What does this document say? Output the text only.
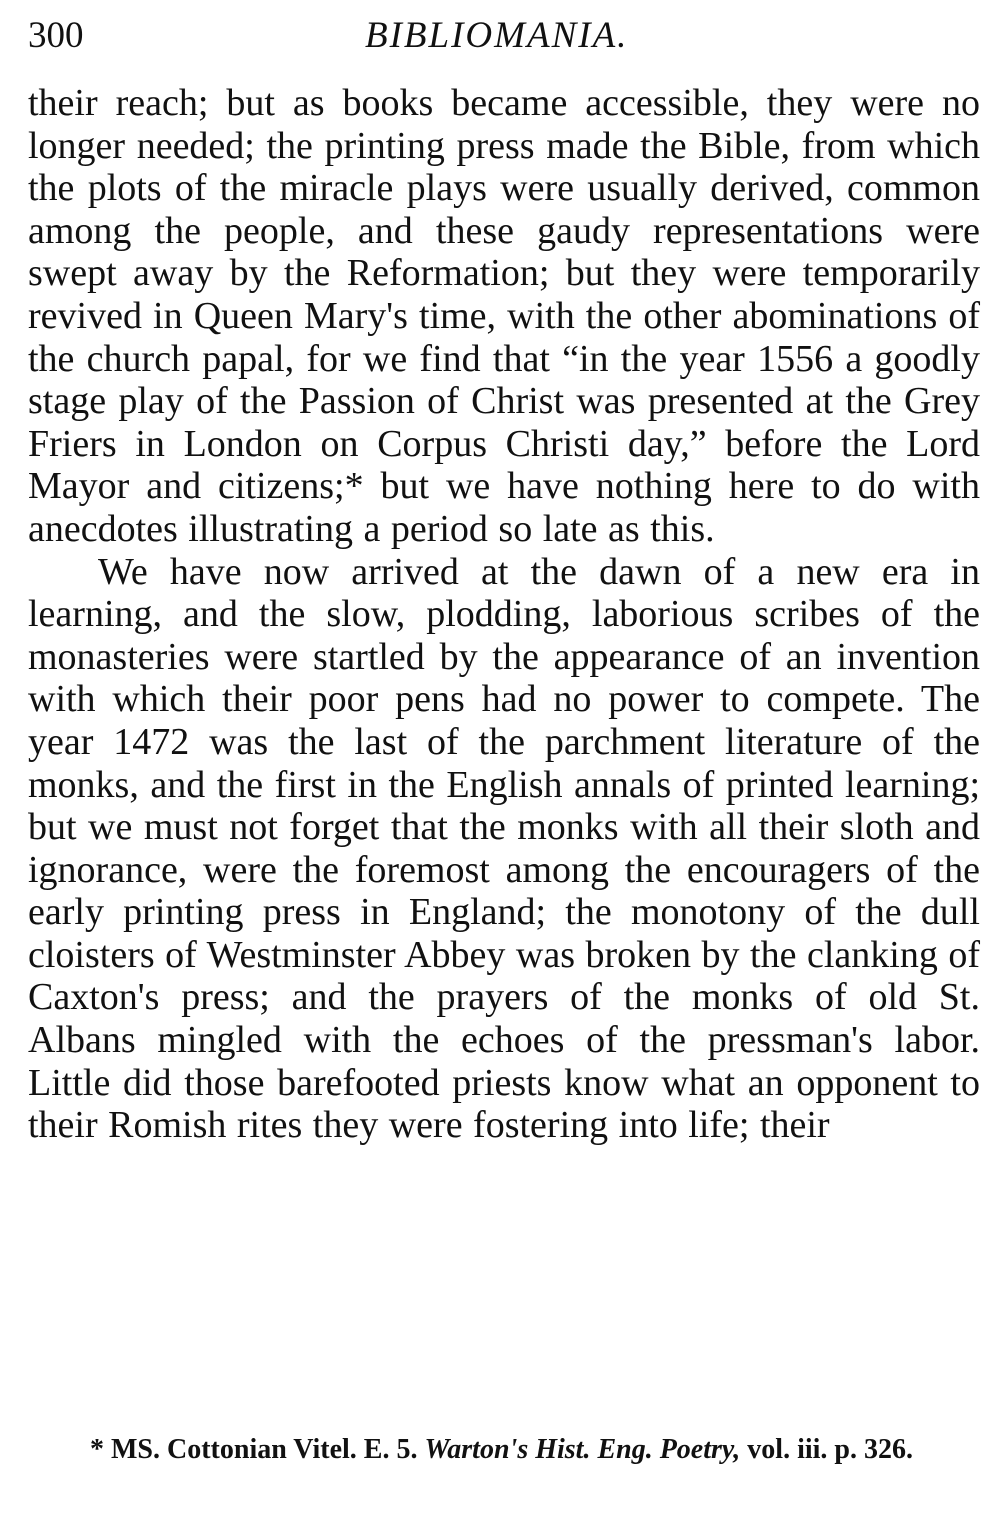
300	BIBLIOMANIA.

their reach; but as books became accessible, they were no longer needed; the printing press made the Bible, from which the plots of the miracle plays were usually derived, common among the people, and these gaudy representations were swept away by the Reformation; but they were temporarily revived in Queen Mary's time, with the other abominations of the church papal, for we find that “in the year 1556 a goodly stage play of the Passion of Christ was presented at the Grey Friers in London on Corpus Christi day,” before the Lord Mayor and citizens;* but we have nothing here to do with anecdotes illustrating a period so late as this.

We have now arrived at the dawn of a new era in learning, and the slow, plodding, laborious scribes of the monasteries were startled by the appearance of an invention with which their poor pens had no power to compete. The year 1472 was the last of the parchment literature of the monks, and the first in the English annals of printed learning; but we must not forget that the monks with all their sloth and ignorance, were the foremost among the encouragers of the early printing press in England; the monotony of the dull cloisters of Westminster Abbey was broken by the clanking of Caxton's press; and the prayers of the monks of old St. Albans mingled with the echoes of the pressman's labor. Little did those barefooted priests know what an opponent to their Romish rites they were fostering into life; their

* MS. Cottonian Vitel. E. 5. Warton's Hist. Eng. Poetry, vol. iii. p. 326.
